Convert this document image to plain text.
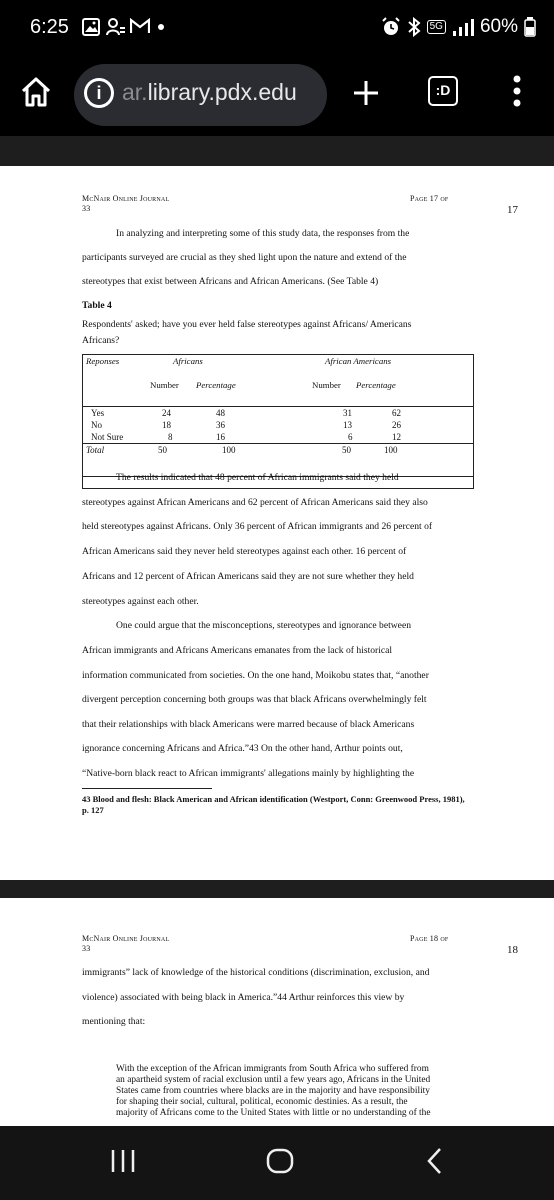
6:25	5G 60%
i ar.library.pdx.edu	:D
McNair Online Journal
33
Page 17 of
17
In analyzing and interpreting some of this study data, the responses from the
participants surveyed are crucial as they shed light upon the nature and extend of the
stereotypes that exist between Africans and African Americans. (See Table 4)
Table 4
Respondents' asked; have you ever held false stereotypes against Africans/ Americans
Africans?
Reponses	Africans	African Americans
Number Percentage	Number Percentage
Yes	24	48	31	62
No	18	36	13	26
Not Sure	8	16	6	12
Total	50	100	50	100
The results indicated that 48 percent of African immigrants said they held
stereotypes against African Americans and 62 percent of African Americans said they also
held stereotypes against Africans. Only 36 percent of African immigrants and 26 percent of
African Americans said they never held stereotypes against each other. 16 percent of
Africans and 12 percent of African Americans said they are not sure whether they held
stereotypes against each other.
One could argue that the misconceptions, stereotypes and ignorance between
African immigrants and Africans Americans emanates from the lack of historical
information communicated from societies. On the one hand, Moikobu states that, “another
divergent perception concerning both groups was that black Africans overwhelmingly felt
that their relationships with black Americans were marred because of black Americans
ignorance concerning Africans and Africa.”43 On the other hand, Arthur points out,
“Native-born black react to African immigrants' allegations mainly by highlighting the
43 Blood and flesh: Black American and African identification (Westport, Conn: Greenwood Press, 1981),
p. 127
McNair Online Journal
33
Page 18 of
18
immigrants” lack of knowledge of the historical conditions (discrimination, exclusion, and
violence) associated with being black in America.”44 Arthur reinforces this view by
mentioning that:
With the exception of the African immigrants from South Africa who suffered from
an apartheid system of racial exclusion until a few years ago, Africans in the United
States came from countries where blacks are in the majority and have responsibility
for shaping their social, cultural, political, economic destinies. As a result, the
majority of Africans come to the United States with little or no understanding of the
